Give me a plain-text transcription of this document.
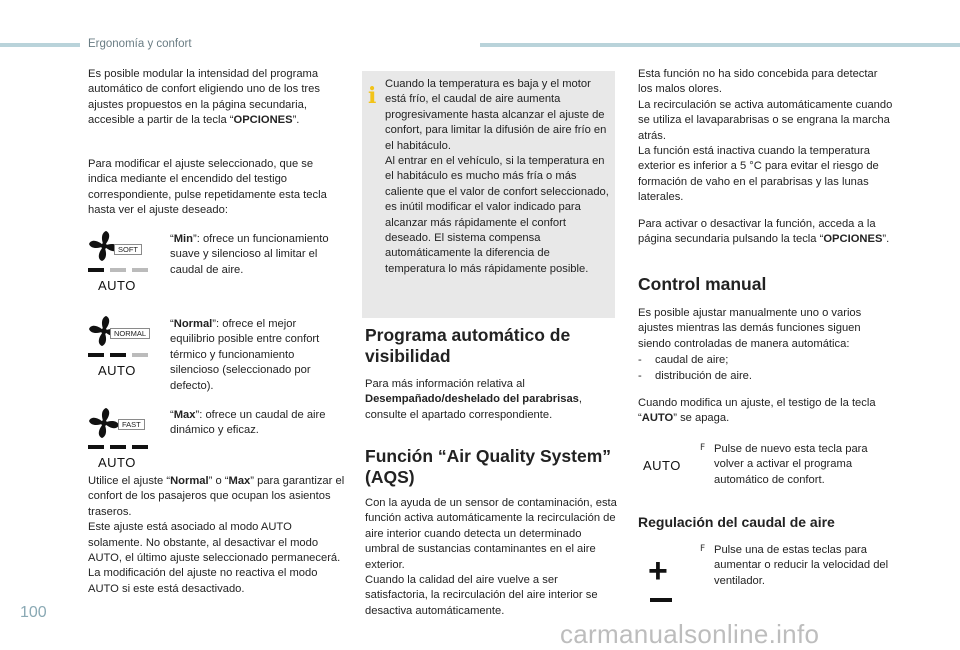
Ergonomía y confort
Es posible modular la intensidad del programa automático de confort eligiendo uno de los tres ajustes propuestos en la página secundaria, accesible a partir de la tecla “OPCIONES”.
Para modificar el ajuste seleccionado, que se indica mediante el encendido del testigo correspondiente, pulse repetidamente esta tecla hasta ver el ajuste deseado:
SOFT
AUTO
“Min”: ofrece un funcionamiento suave y silencioso al limitar el caudal de aire.
NORMAL
AUTO
“Normal”: ofrece el mejor equilibrio posible entre confort térmico y funcionamiento silencioso (seleccionado por defecto).
FAST
AUTO
“Max”: ofrece un caudal de aire dinámico y eficaz.
Utilice el ajuste “Normal” o “Max” para garantizar el confort de los pasajeros que ocupan los asientos traseros.
Este ajuste está asociado al modo AUTO solamente. No obstante, al desactivar el modo AUTO, el último ajuste seleccionado permanecerá.
La modificación del ajuste no reactiva el modo AUTO si este está desactivado.
i Cuando la temperatura es baja y el motor está frío, el caudal de aire aumenta progresivamente hasta alcanzar el ajuste de confort, para limitar la difusión de aire frío en el habitáculo.
Al entrar en el vehículo, si la temperatura en el habitáculo es mucho más fría o más caliente que el valor de confort seleccionado, es inútil modificar el valor indicado para alcanzar más rápidamente el confort deseado. El sistema compensa automáticamente la diferencia de temperatura lo más rápidamente posible.
Programa automático de visibilidad
Para más información relativa al Desempañado/deshelado del parabrisas, consulte el apartado correspondiente.
Función “Air Quality System” (AQS)
Con la ayuda de un sensor de contaminación, esta función activa automáticamente la recirculación de aire interior cuando detecta un determinado umbral de sustancias contaminantes en el aire exterior.
Cuando la calidad del aire vuelve a ser satisfactoria, la recirculación del aire interior se desactiva automáticamente.
Esta función no ha sido concebida para detectar los malos olores.
La recirculación se activa automáticamente cuando se utiliza el lavaparabrisas o se engrana la marcha atrás.
La función está inactiva cuando la temperatura exterior es inferior a 5 °C para evitar el riesgo de formación de vaho en el parabrisas y las lunas laterales.
Para activar o desactivar la función, acceda a la página secundaria pulsando la tecla “OPCIONES”.
Control manual
Es posible ajustar manualmente uno o varios ajustes mientras las demás funciones siguen siendo controladas de manera automática:
- caudal de aire;
- distribución de aire.
Cuando modifica un ajuste, el testigo de la tecla “AUTO” se apaga.
AUTO
F Pulse de nuevo esta tecla para volver a activar el programa automático de confort.
Regulación del caudal de aire
+
F Pulse una de estas teclas para aumentar o reducir la velocidad del ventilador.
100
carmanualsonline.info
